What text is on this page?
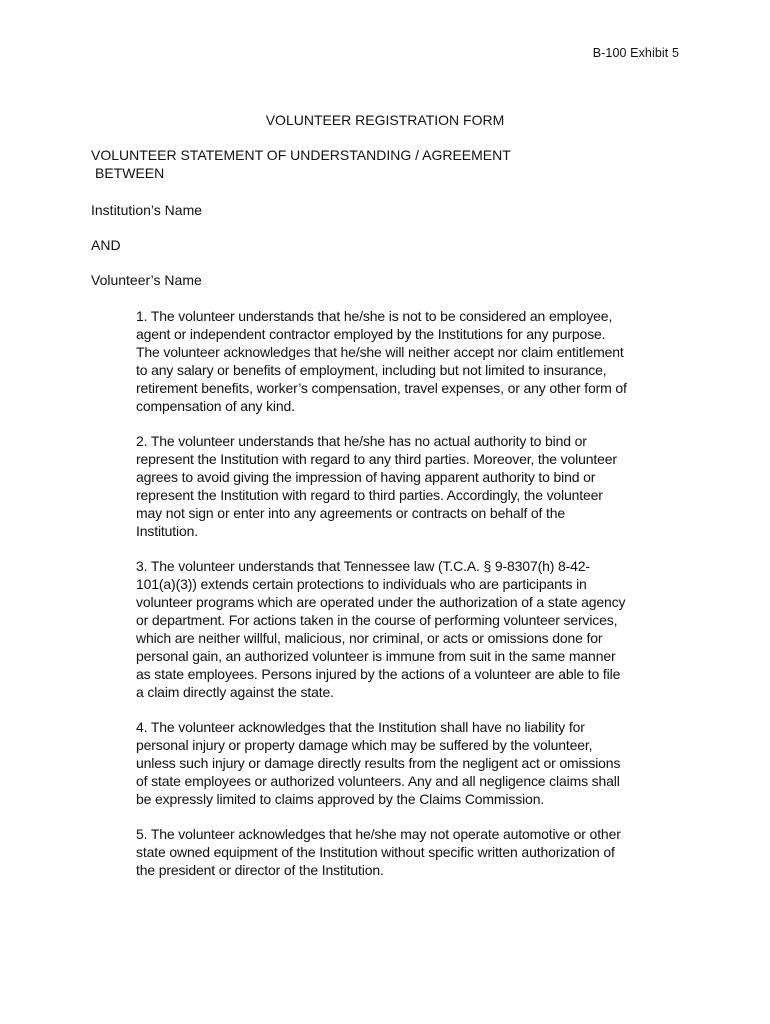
B-100 Exhibit 5
VOLUNTEER REGISTRATION FORM
VOLUNTEER STATEMENT OF UNDERSTANDING / AGREEMENT
BETWEEN
Institution’s Name
AND
Volunteer’s Name

1. The volunteer understands that he/she is not to be considered an employee,

agent or independent contractor employed by the Institutions for any purpose.

The volunteer acknowledges that he/she will neither accept nor claim entitlement

to any salary or benefits of employment, including but not limited to insurance,

retirement benefits, worker’s compensation, travel expenses, or any other form of

compensation of any kind.

2. The volunteer understands that he/she has no actual authority to bind or

represent the Institution with regard to any third parties. Moreover, the volunteer

agrees to avoid giving the impression of having apparent authority to bind or

represent the Institution with regard to third parties. Accordingly, the volunteer

may not sign or enter into any agreements or contracts on behalf of the

Institution.

3. The volunteer understands that Tennessee law (T.C.A. § 9-8307(h) 8-42-

101(a)(3)) extends certain protections to individuals who are participants in

volunteer programs which are operated under the authorization of a state agency

or department. For actions taken in the course of performing volunteer services,

which are neither willful, malicious, nor criminal, or acts or omissions done for

personal gain, an authorized volunteer is immune from suit in the same manner

as state employees. Persons injured by the actions of a volunteer are able to file

a claim directly against the state.

4. The volunteer acknowledges that the Institution shall have no liability for

personal injury or property damage which may be suffered by the volunteer,

unless such injury or damage directly results from the negligent act or omissions

of state employees or authorized volunteers. Any and all negligence claims shall

be expressly limited to claims approved by the Claims Commission.

5. The volunteer acknowledges that he/she may not operate automotive or other

state owned equipment of the Institution without specific written authorization of

the president or director of the Institution.
